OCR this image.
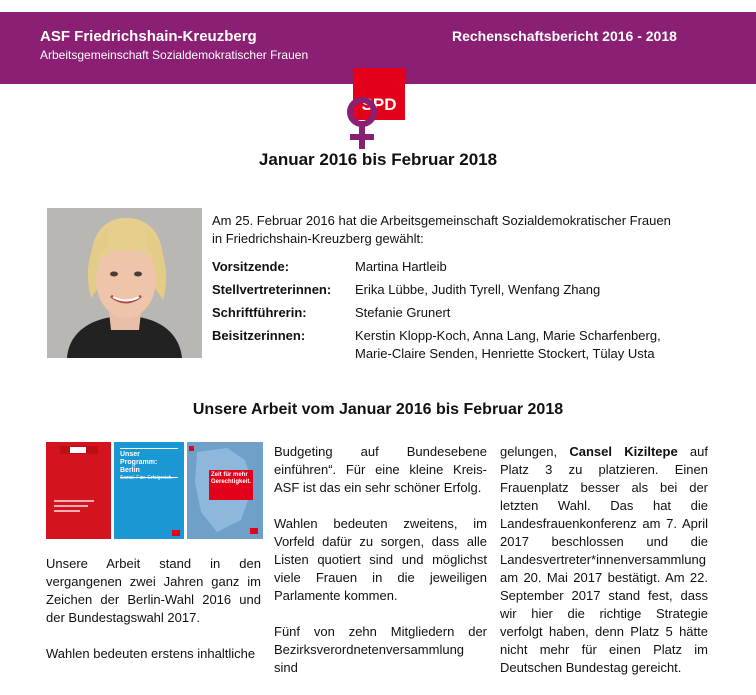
ASF Friedrichshain-Kreuzberg
Arbeitsgemeinschaft Sozialdemokratischer Frauen
Rechenschaftsbericht 2016 - 2018
SPD
Januar 2016 bis Februar 2018
Am 25. Februar 2016 hat die Arbeitsgemeinschaft Sozialdemokratischer Frauen in Friedrichshain-Kreuzberg gewählt:
Vorsitzende:	Martina Hartleib
Stellvertreterinnen:	Erika Lübbe, Judith Tyrell, Wenfang Zhang
Schriftführerin:	Stefanie Grunert
Beisitzerinnen:	Kerstin Klopp-Koch, Anna Lang, Marie Scharfenberg, Marie-Claire Senden, Henriette Stockert, Tülay Usta
Unsere Arbeit vom Januar 2016 bis Februar 2018
Unser Programm: Berlin
Sozial. Fair. Erfolgreich.	Zeit für mehr Gerechtigkeit.

Unsere Arbeit stand in den vergangenen zwei Jahren ganz im Zeichen der Berlin-Wahl 2016 und der Bundestagswahl 2017.

Wahlen bedeuten erstens inhaltliche

Budgeting auf Bundesebene einführen“. Für eine kleine Kreis-ASF ist das ein sehr schöner Erfolg.

Wahlen bedeuten zweitens, im Vorfeld dafür zu sorgen, dass alle Listen quotiert sind und möglichst viele Frauen in die jeweiligen Parlamente kommen.

Fünf von zehn Mitgliedern der Bezirksverordnetenversammlung sind

gelungen, Cansel Kiziltepe auf Platz 3 zu platzieren. Einen Frauenplatz besser als bei der letzten Wahl. Das hat die Landesfrauenkonferenz am 7. April 2017 beschlossen und die Landesvertreter*innenversammlung am 20. Mai 2017 bestätigt. Am 22. September 2017 stand fest, dass wir hier die richtige Strategie verfolgt haben, denn Platz 5 hätte nicht mehr für einen Platz im Deutschen Bundestag gereicht.
